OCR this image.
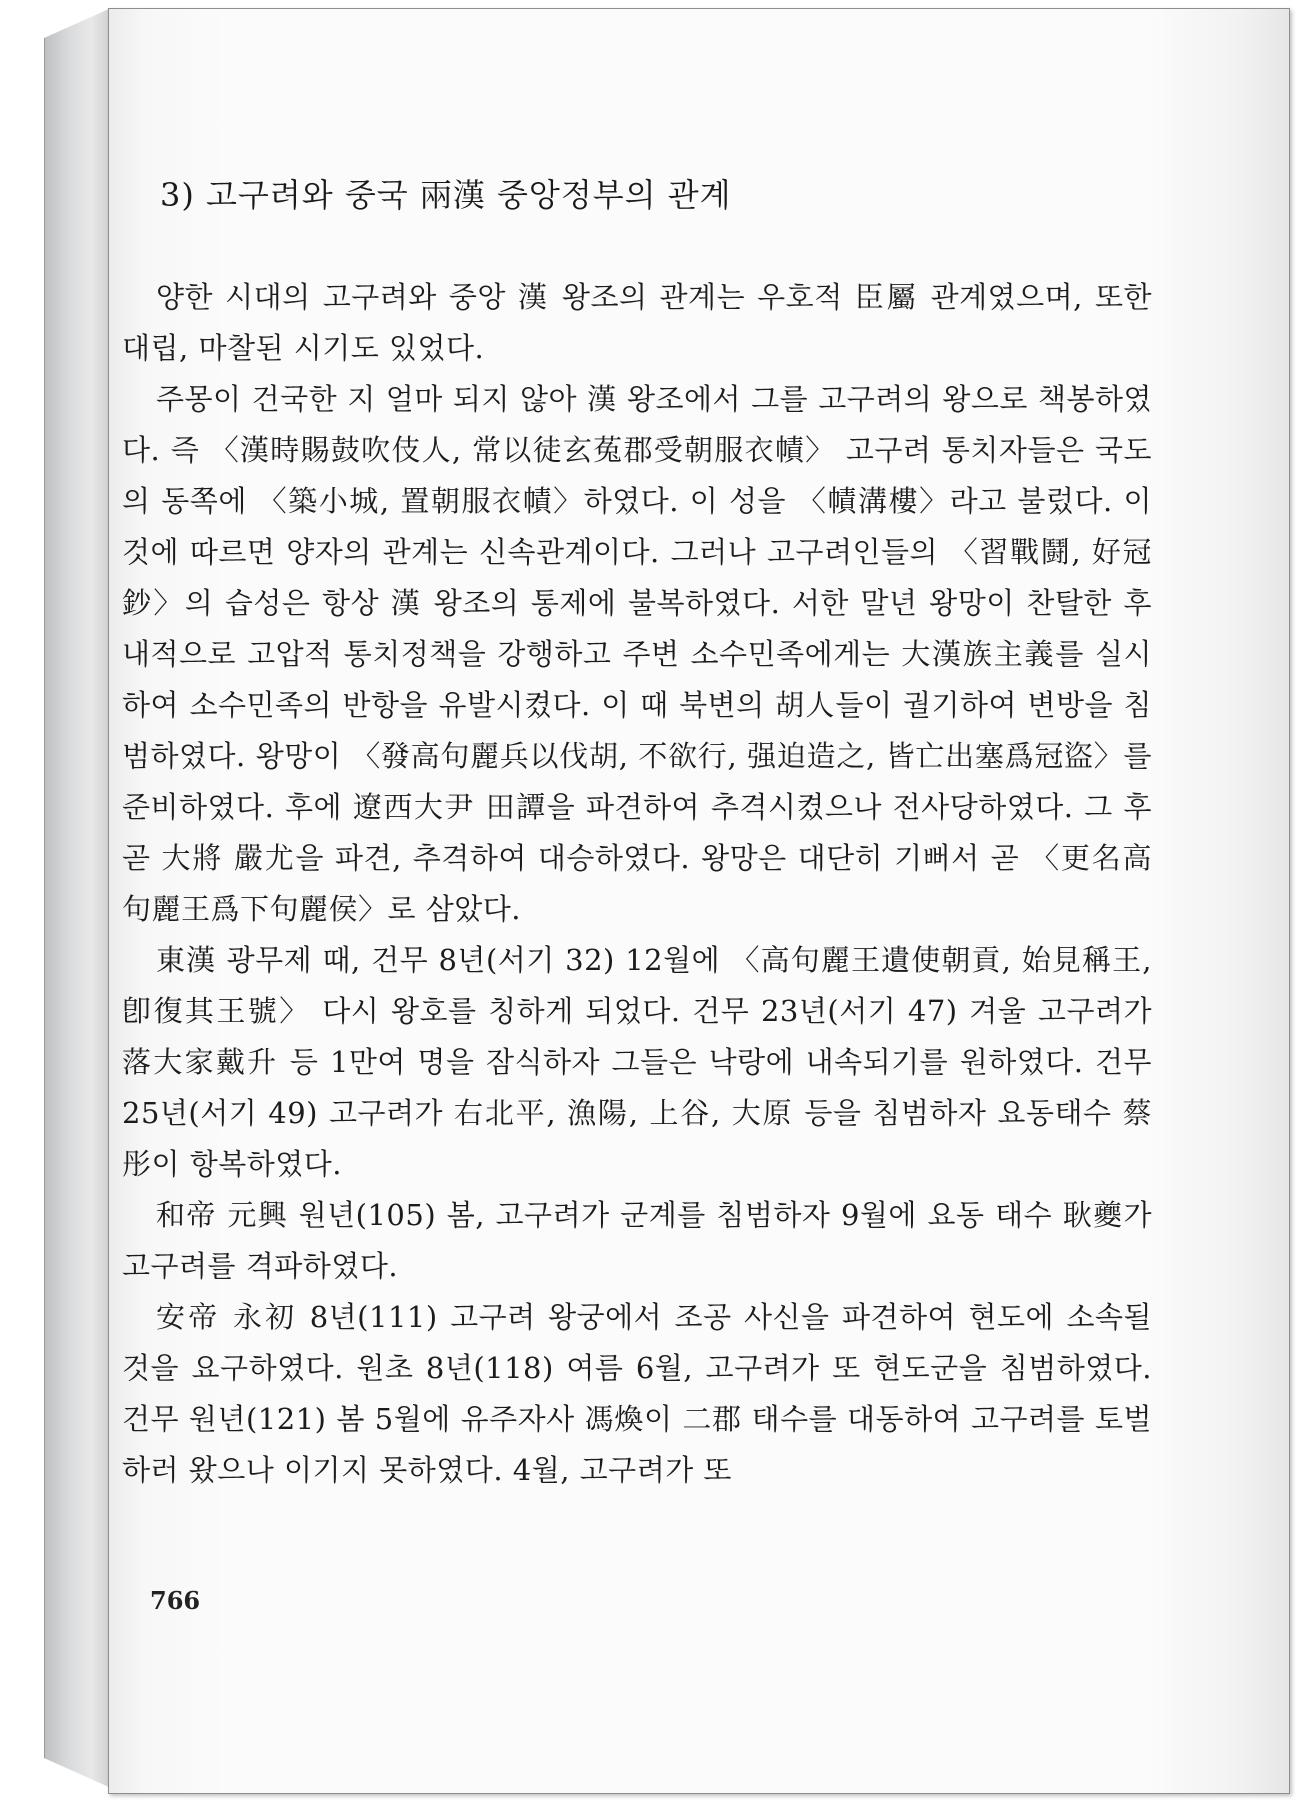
3) 고구려와 중국 兩漢 중앙정부의 관계

양한 시대의 고구려와 중앙 漢 왕조의 관계는 우호적 臣屬 관계였으며, 또한 대립, 마찰된 시기도 있었다.

주몽이 건국한 지 얼마 되지 않아 漢 왕조에서 그를 고구려의 왕으로 책봉하였다. 즉 〈漢時賜鼓吹伎人, 常以徒玄菟郡受朝服衣幘〉 고구려 통치자들은 국도의 동쪽에 〈築小城, 置朝服衣幘〉하였다. 이 성을 〈幘溝樓〉라고 불렀다. 이것에 따르면 양자의 관계는 신속관계이다. 그러나 고구려인들의 〈習戰鬪, 好冠鈔〉의 습성은 항상 漢 왕조의 통제에 불복하였다. 서한 말년 왕망이 찬탈한 후 내적으로 고압적 통치정책을 강행하고 주변 소수민족에게는 大漢族主義를 실시하여 소수민족의 반항을 유발시켰다. 이 때 북변의 胡人들이 궐기하여 변방을 침범하였다. 왕망이 〈發高句麗兵以伐胡, 不欲行, 强迫造之, 皆亡出塞爲冠盜〉를 준비하였다. 후에 遼西大尹 田譚을 파견하여 추격시켰으나 전사당하였다. 그 후 곧 大將 嚴尤을 파견, 추격하여 대승하였다. 왕망은 대단히 기뻐서 곧 〈更名高句麗王爲下句麗侯〉로 삼았다.

東漢 광무제 때, 건무 8년(서기 32) 12월에 〈高句麗王遺使朝貢, 始見稱王, 卽復其王號〉 다시 왕호를 칭하게 되었다. 건무 23년(서기 47) 겨울 고구려가 落大家戴升 등 1만여 명을 잠식하자 그들은 낙랑에 내속되기를 원하였다. 건무 25년(서기 49) 고구려가 右北平, 漁陽, 上谷, 大原 등을 침범하자 요동태수 蔡彤이 항복하였다.

和帝 元興 원년(105) 봄, 고구려가 군계를 침범하자 9월에 요동 태수 耿夔가 고구려를 격파하였다.

安帝 永初 8년(111) 고구려 왕궁에서 조공 사신을 파견하여 현도에 소속될 것을 요구하였다. 원초 8년(118) 여름 6월, 고구려가 또 현도군을 침범하였다. 건무 원년(121) 봄 5월에 유주자사 馮煥이 二郡 태수를 대동하여 고구려를 토벌하러 왔으나 이기지 못하였다. 4월, 고구려가 또

766
